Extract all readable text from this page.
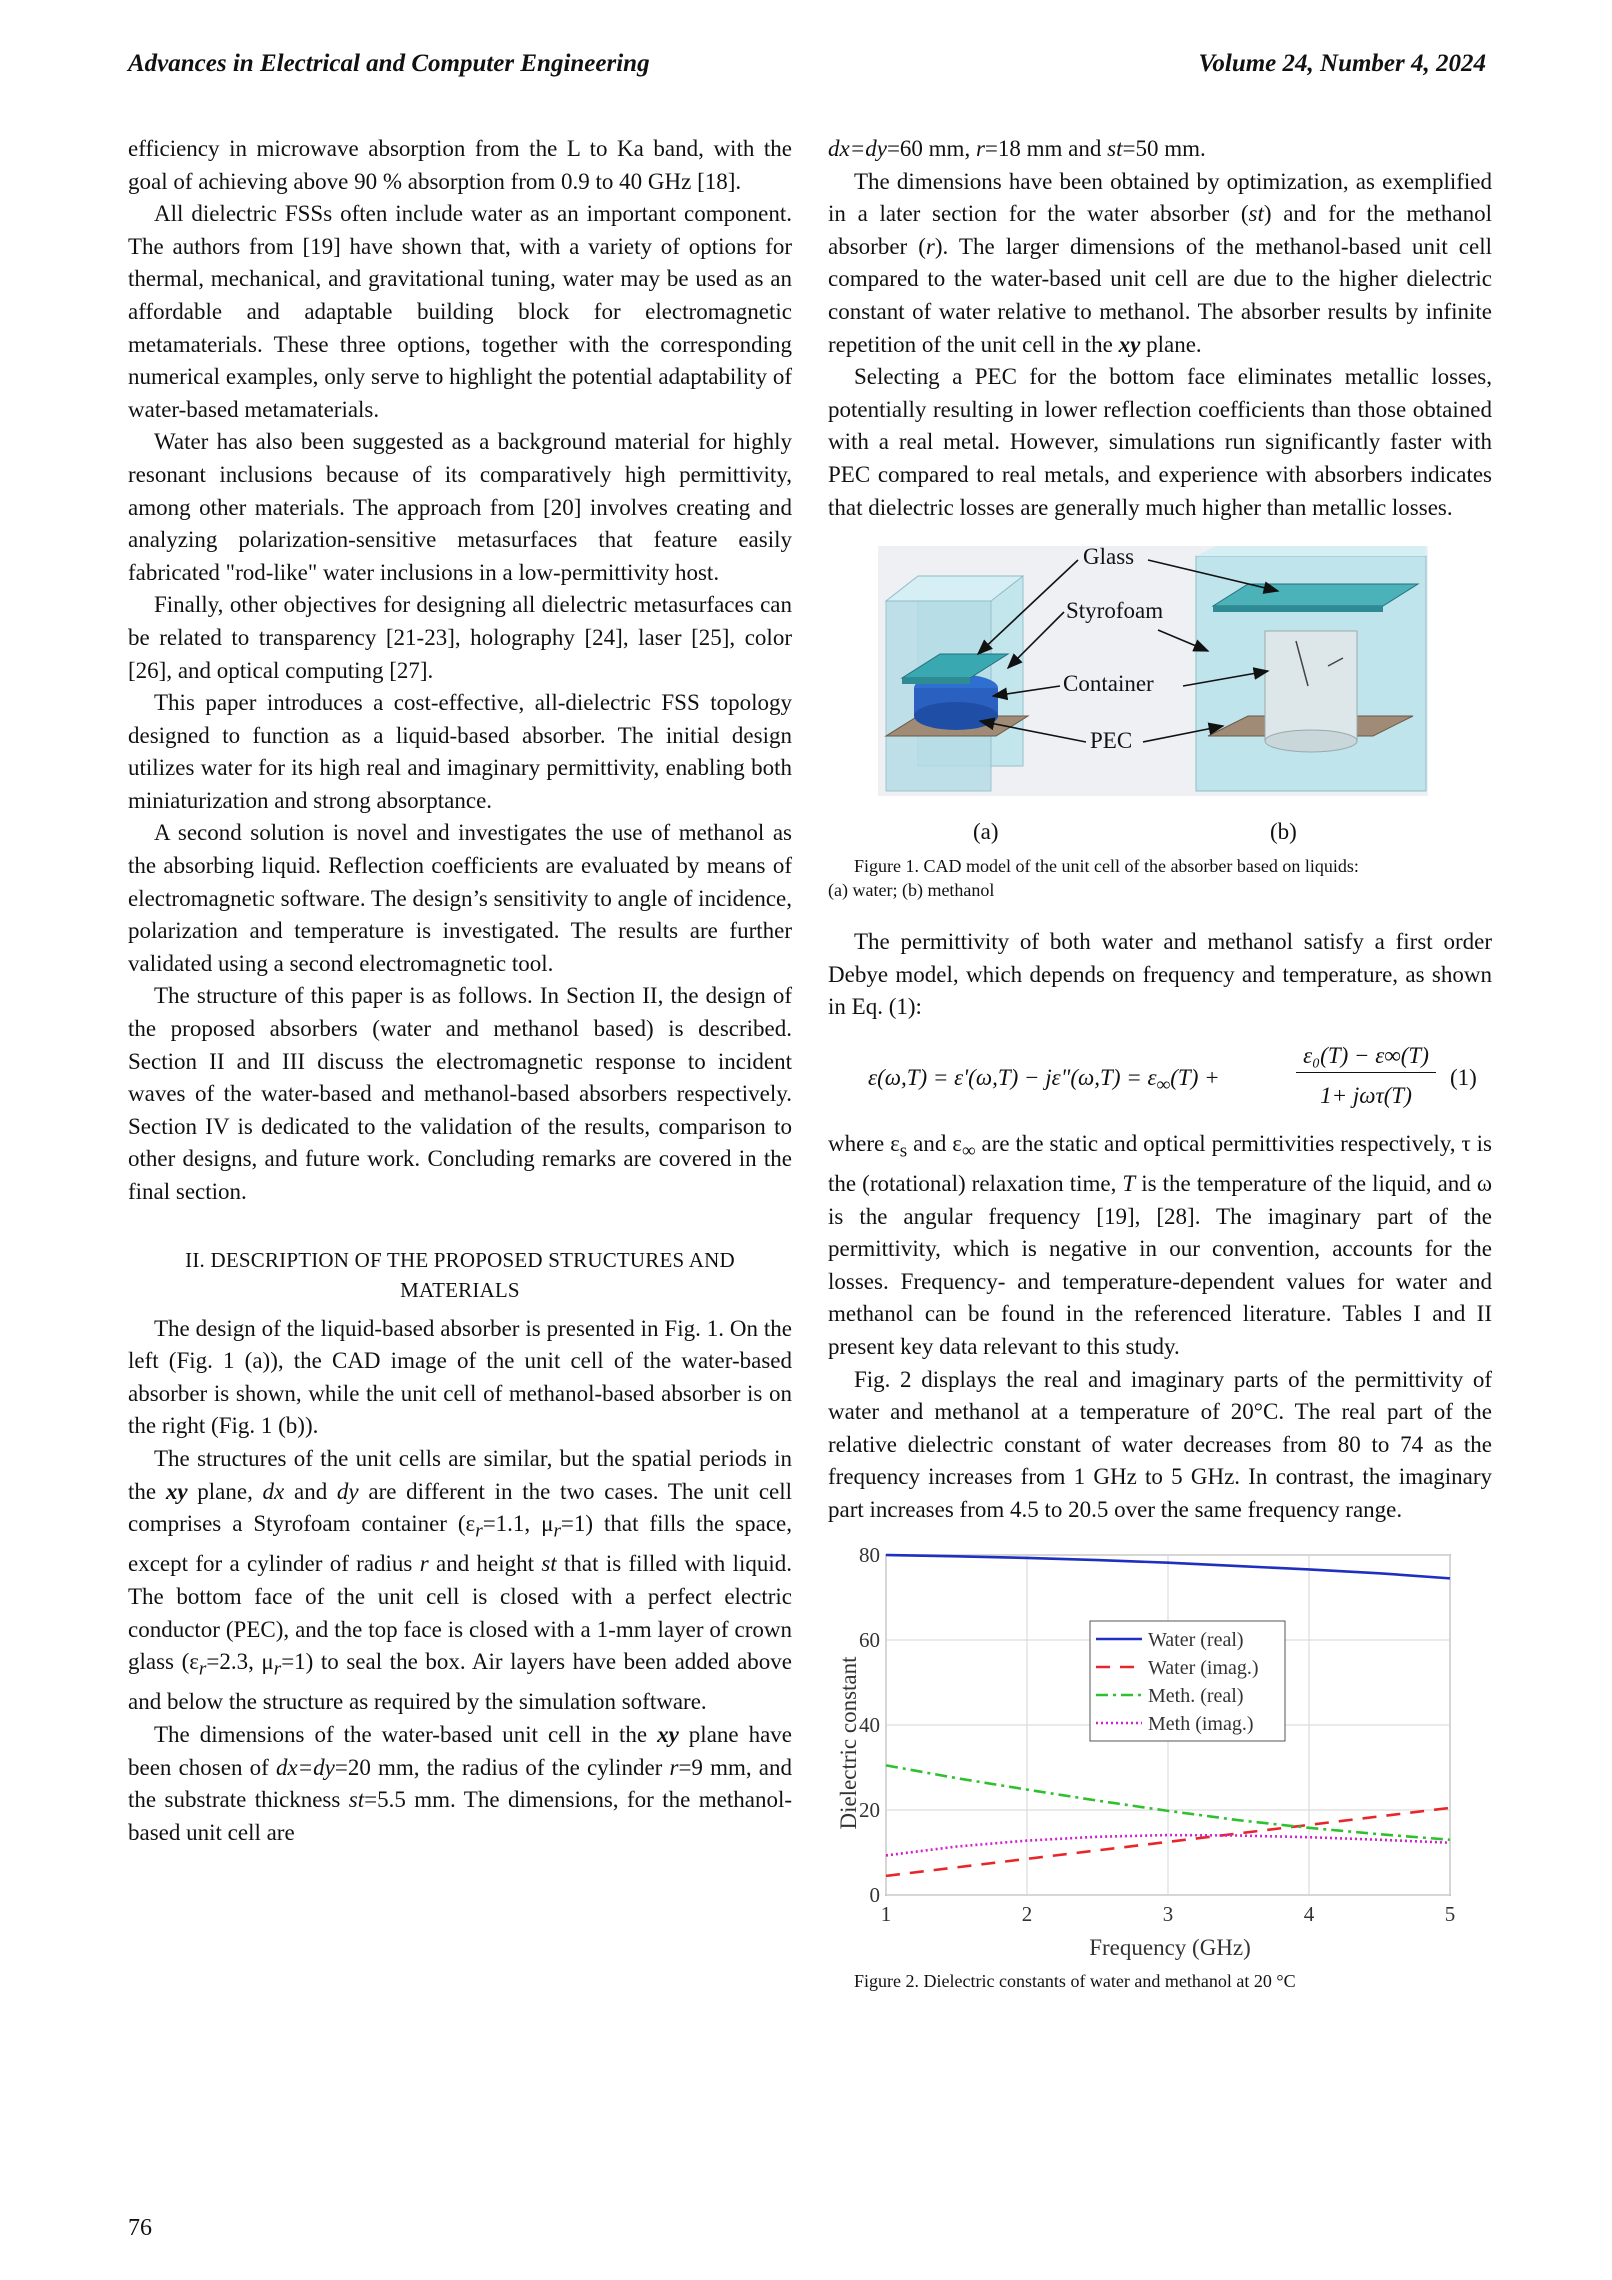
Advances in Electrical and Computer Engineering	Volume 24, Number 4, 2024

efficiency in microwave absorption from the L to Ka band, with the goal of achieving above 90 % absorption from 0.9 to 40 GHz [18].

All dielectric FSSs often include water as an important component. The authors from [19] have shown that, with a variety of options for thermal, mechanical, and gravitational tuning, water may be used as an affordable and adaptable building block for electromagnetic metamaterials. These three options, together with the corresponding numerical examples, only serve to highlight the potential adaptability of water-based metamaterials.

Water has also been suggested as a background material for highly resonant inclusions because of its comparatively high permittivity, among other materials. The approach from [20] involves creating and analyzing polarization-sensitive metasurfaces that feature easily fabricated "rod-like" water inclusions in a low-permittivity host.

Finally, other objectives for designing all dielectric metasurfaces can be related to transparency [21-23], holography [24], laser [25], color [26], and optical computing [27].

This paper introduces a cost-effective, all-dielectric FSS topology designed to function as a liquid-based absorber. The initial design utilizes water for its high real and imaginary permittivity, enabling both miniaturization and strong absorptance.

A second solution is novel and investigates the use of methanol as the absorbing liquid. Reflection coefficients are evaluated by means of electromagnetic software. The design’s sensitivity to angle of incidence, polarization and temperature is investigated. The results are further validated using a second electromagnetic tool.

The structure of this paper is as follows. In Section II, the design of the proposed absorbers (water and methanol based) is described. Section II and III discuss the electromagnetic response to incident waves of the water-based and methanol-based absorbers respectively. Section IV is dedicated to the validation of the results, comparison to other designs, and future work. Concluding remarks are covered in the final section.

II. DESCRIPTION OF THE PROPOSED STRUCTURES AND
MATERIALS

The design of the liquid-based absorber is presented in Fig. 1. On the left (Fig. 1 (a)), the CAD image of the unit cell of the water-based absorber is shown, while the unit cell of methanol-based absorber is on the right (Fig. 1 (b)).

The structures of the unit cells are similar, but the spatial periods in the xy plane, dx and dy are different in the two cases. The unit cell comprises a Styrofoam container ($\varepsilon_r=1.1$, $\mu_r=1$) that fills the space, except for a cylinder of radius r and height st that is filled with liquid. The bottom face of the unit cell is closed with a perfect electric conductor (PEC), and the top face is closed with a 1-mm layer of crown glass ($\varepsilon_r=2.3$, $\mu_r=1$) to seal the box. Air layers have been added above and below the structure as required by the simulation software.

The dimensions of the water-based unit cell in the xy plane have been chosen of dx=dy=20 mm, the radius of the cylinder r=9 mm, and the substrate thickness st=5.5 mm. The dimensions, for the methanol-based unit cell are

dx=dy=60 mm, r=18 mm and st=50 mm.

The dimensions have been obtained by optimization, as exemplified in a later section for the water absorber (st) and for the methanol absorber (r). The larger dimensions of the methanol-based unit cell compared to the water-based unit cell are due to the higher dielectric constant of water relative to methanol. The absorber results by infinite repetition of the unit cell in the xy plane.

Selecting a PEC for the bottom face eliminates metallic losses, potentially resulting in lower reflection coefficients than those obtained with a real metal. However, simulations run significantly faster with PEC compared to real metals, and experience with absorbers indicates that dielectric losses are generally much higher than metallic losses.

Glass
Styrofoam
Container
PEC
(a)	(b)

Figure 1. CAD model of the unit cell of the absorber based on liquids:
(a) water; (b) methanol

The permittivity of both water and methanol satisfy a first order Debye model, which depends on frequency and temperature, as shown in Eq. (1):

ε(ω,T) = ε'(ω,T) − jε"(ω,T) = $\varepsilon_\infty(T)$ +
ε₀(T) − ε∞(T)
1+ jωτ(T)
(1)

where $\varepsilon_s$ and $\varepsilon_\infty$ are the static and optical permittivities respectively, τ is the (rotational) relaxation time, T is the temperature of the liquid, and ω is the angular frequency [19], [28]. The imaginary part of the permittivity, which is negative in our convention, accounts for the losses. Frequency- and temperature-dependent values for water and methanol can be found in the referenced literature. Tables I and II present key data relevant to this study.

Fig. 2 displays the real and imaginary parts of the permittivity of water and methanol at a temperature of 20°C. The real part of the relative dielectric constant of water decreases from 80 to 74 as the frequency increases from 1 GHz to 5 GHz. In contrast, the imaginary part increases from 4.5 to 20.5 over the same frequency range.

1	2	3	4	5
0
20
40
60
80
Dielectric constant
Frequency (GHz)
Water (real)
Water (imag.)
Meth. (real)
Meth (imag.)

Figure 2. Dielectric constants of water and methanol at 20 °C

76
